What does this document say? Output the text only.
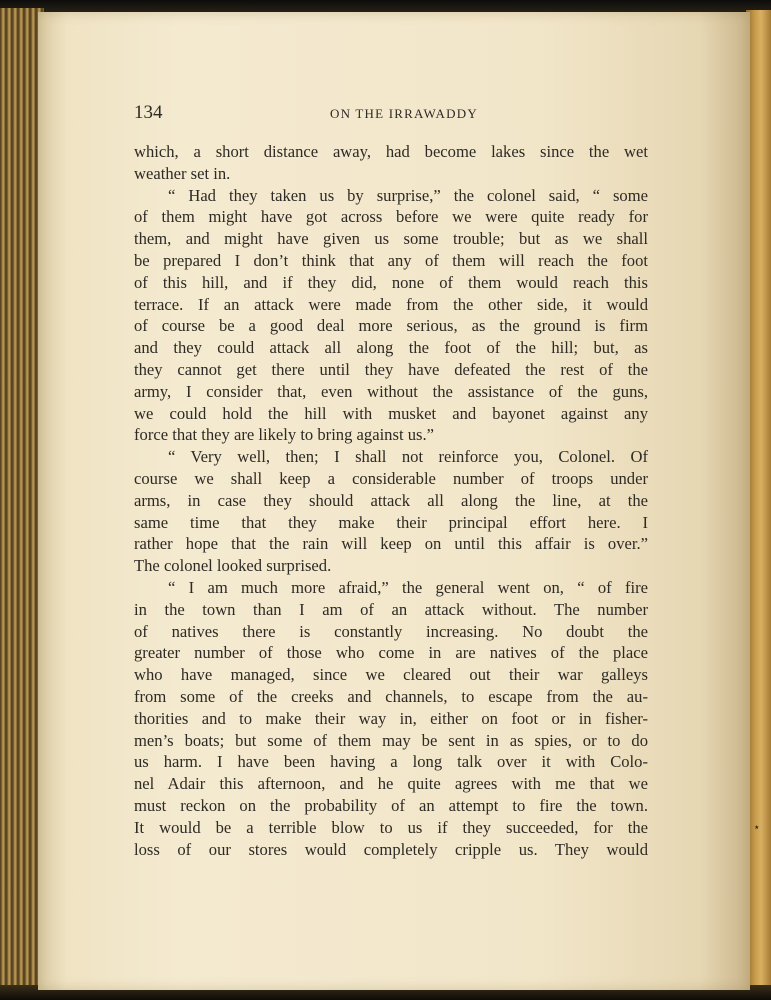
134	ON THE IRRAWADDY
which, a short distance away, had become lakes since the wet
weather set in.
“ Had they taken us by surprise,” the colonel said, “ some
of them might have got across before we were quite ready for
them, and might have given us some trouble; but as we shall
be prepared I don’t think that any of them will reach the foot
of this hill, and if they did, none of them would reach this
terrace. If an attack were made from the other side, it would
of course be a good deal more serious, as the ground is firm
and they could attack all along the foot of the hill; but, as
they cannot get there until they have defeated the rest of the
army, I consider that, even without the assistance of the guns,
we could hold the hill with musket and bayonet against any
force that they are likely to bring against us.”
“ Very well, then; I shall not reinforce you, Colonel. Of
course we shall keep a considerable number of troops under
arms, in case they should attack all along the line, at the
same time that they make their principal effort here. I
rather hope that the rain will keep on until this affair is over.”
The colonel looked surprised.
“ I am much more afraid,” the general went on, “ of fire
in the town than I am of an attack without. The number
of natives there is constantly increasing. No doubt the
greater number of those who come in are natives of the place
who have managed, since we cleared out their war galleys
from some of the creeks and channels, to escape from the au-
thorities and to make their way in, either on foot or in fisher-
men’s boats; but some of them may be sent in as spies, or to do
us harm. I have been having a long talk over it with Colo-
nel Adair this afternoon, and he quite agrees with me that we
must reckon on the probability of an attempt to fire the town.
It would be a terrible blow to us if they succeeded, for the
loss of our stores would completely cripple us. They would
٭
